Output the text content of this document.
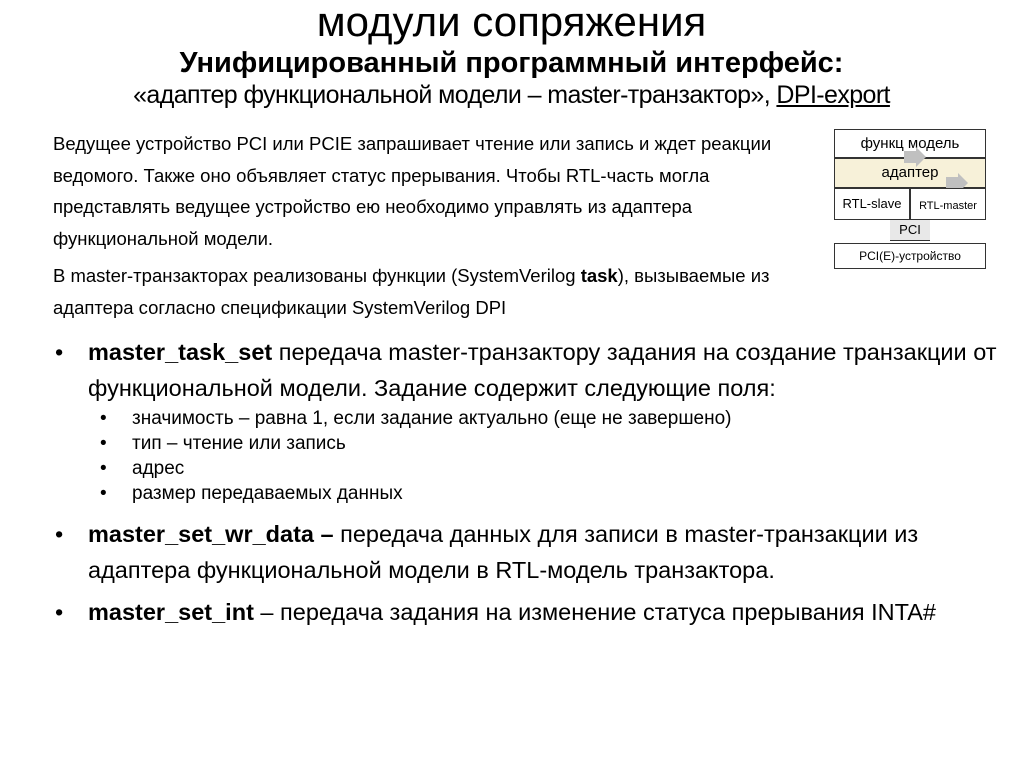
модули сопряжения
Унифицированный программный интерфейс:
«адаптер функциональной модели – master-транзактор», DPI-export

Ведущее устройство PCI или PCIE запрашивает чтение или запись и ждет реакции ведомого. Также оно объявляет статус прерывания. Чтобы RTL-часть могла представлять ведущее устройство ею необходимо управлять из адаптера функциональной модели.

В master-транзакторах реализованы функции (SystemVerilog task), вызываемые из адаптера согласно спецификации SystemVerilog DPI

функц модель
адаптер
RTL-slave	RTL-master
PCI
PCI(E)-устройство
• master_task_set передача master-транзактору задания на создание транзакции от функциональной модели. Задание содержит следующие поля:
• значимость – равна 1, если задание актуально (еще не завершено)
• тип – чтение или запись
• адрес
• размер передаваемых данных
• master_set_wr_data – передача данных для записи в master-транзакции из адаптера функциональной модели в RTL-модель транзактора.
• master_set_int – передача задания на изменение статуса прерывания INTA#
